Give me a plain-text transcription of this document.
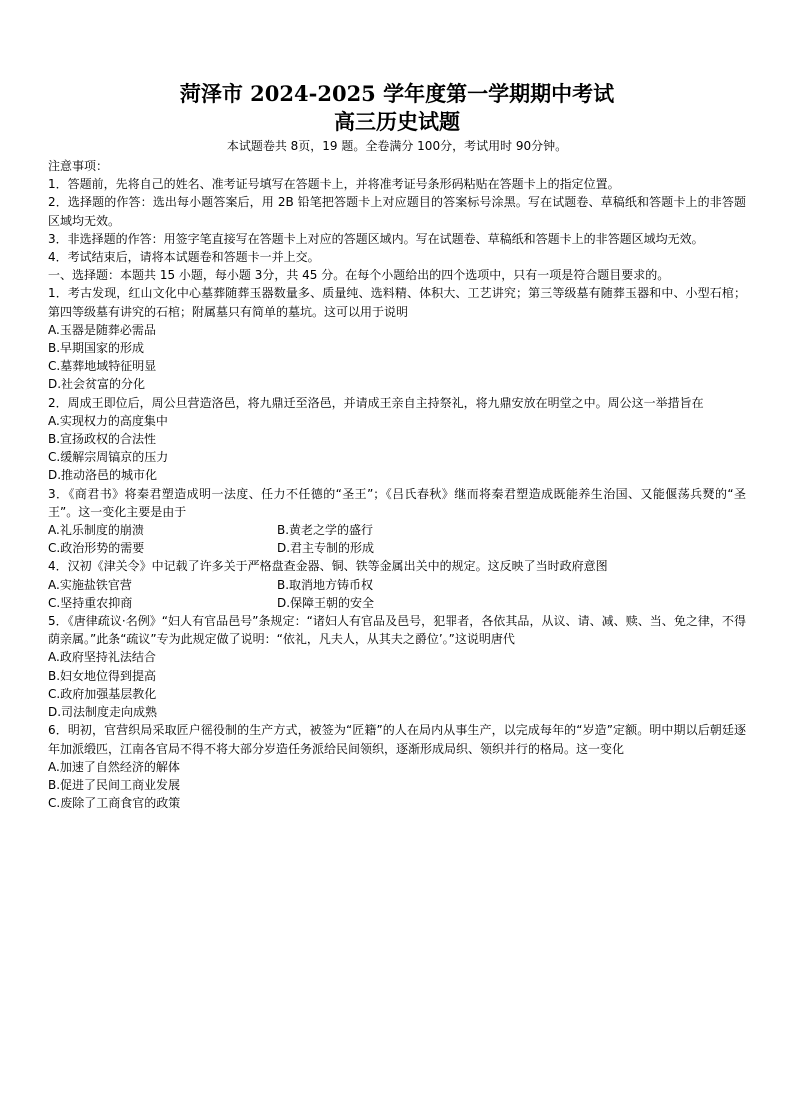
菏泽市 2024-2025 学年度第一学期期中考试
高三历史试题

本试题卷共 8页，19 题。全卷满分 100分，考试用时 90分钟。

注意事项：

1．答题前，先将自己的姓名、准考证号填写在答题卡上，并将准考证号条形码粘贴在答题卡上的指定位置。

2．选择题的作答：选出每小题答案后，用 2B 铅笔把答题卡上对应题目的答案标号涂黑。写在试题卷、草稿纸和答题卡上的非答题区域均无效。

3．非选择题的作答：用签字笔直接写在答题卡上对应的答题区域内。写在试题卷、草稿纸和答题卡上的非答题区域均无效。

4．考试结束后，请将本试题卷和答题卡一并上交。

一、选择题：本题共 15 小题，每小题 3分，共 45 分。在每个小题给出的四个选项中，只有一项是符合题目要求的。

1．考古发现，红山文化中心墓葬随葬玉器数量多、质量纯、选料精、体积大、工艺讲究；第三等级墓有随葬玉器和中、小型石棺；第四等级墓有讲究的石棺；附属墓只有简单的墓坑。这可以用于说明

A.玉器是随葬必需品

B.早期国家的形成

C.墓葬地域特征明显

D.社会贫富的分化

2．周成王即位后，周公旦营造洛邑，将九鼎迁至洛邑，并请成王亲自主持祭礼，将九鼎安放在明堂之中。周公这一举措旨在

A.实现权力的高度集中

B.宣扬政权的合法性

C.缓解宗周镐京的压力

D.推动洛邑的城市化

3．《商君书》将秦君塑造成明一法度、任力不任德的“圣王”；《吕氏春秋》继而将秦君塑造成既能养生治国、又能偃荡兵燹的“圣王”。这一变化主要是由于

A.礼乐制度的崩溃	B.黄老之学的盛行
C.政治形势的需要	D.君主专制的形成

4．汉初《津关令》中记载了许多关于严格盘查金器、铜、铁等金属出关中的规定。这反映了当时政府意图

A.实施盐铁官营	B.取消地方铸币权
C.坚持重农抑商	D.保障王朝的安全

5．《唐律疏议·名例》“妇人有官品邑号”条规定：“诸妇人有官品及邑号，犯罪者，各依其品，从议、请、减、赎、当、免之律，不得荫亲属。”此条“疏议”专为此规定做了说明：“依礼，凡夫人，从其夫之爵位’。”这说明唐代

A.政府坚持礼法结合

B.妇女地位得到提高

C.政府加强基层教化

D.司法制度走向成熟

6．明初，官营织局采取匠户徭役制的生产方式，被签为“匠籍”的人在局内从事生产，以完成每年的“岁造”定额。明中期以后朝廷逐年加派缎匹，江南各官局不得不将大部分岁造任务派给民间领织，逐渐形成局织、领织并行的格局。这一变化

A.加速了自然经济的解体

B.促进了民间工商业发展

C.废除了工商食官的政策
